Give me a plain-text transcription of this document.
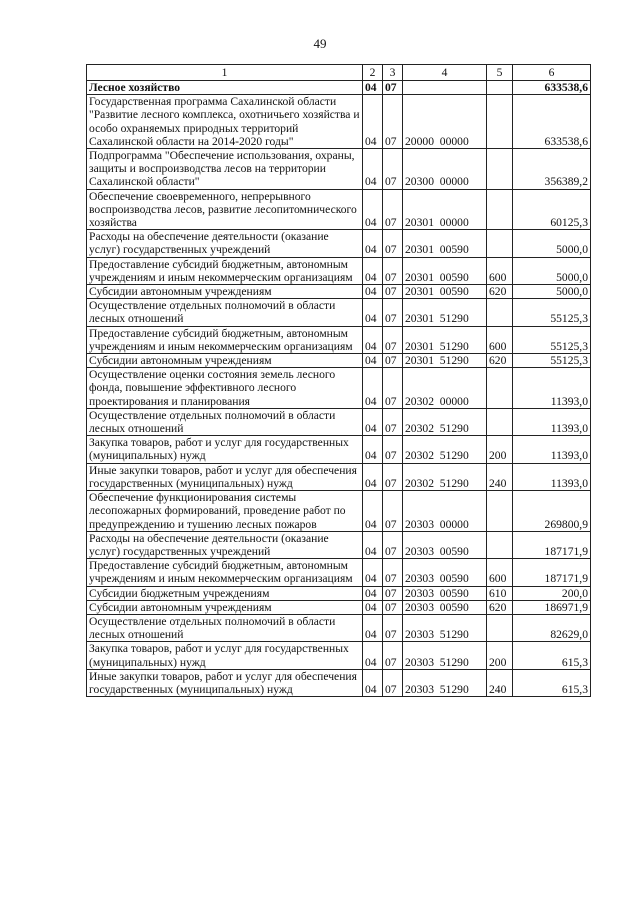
49
1	2	3	4	5	6
Лесное хозяйство	04	07			633538,6
Государственная программа Сахалинской области "Развитие лесного комплекса, охотничьего хозяйства и особо охраняемых природных территорий Сахалинской области на 2014-2020 годы"	04	07	20000  00000		633538,6
Подпрограмма "Обеспечение использования, охраны, защиты и воспроизводства лесов на территории Сахалинской области"	04	07	20300  00000		356389,2
Обеспечение своевременного, непрерывного воспроизводства лесов, развитие лесопитомнического хозяйства	04	07	20301  00000		60125,3
Расходы на обеспечение деятельности (оказание услуг) государственных учреждений	04	07	20301  00590		5000,0
Предоставление субсидий бюджетным, автономным учреждениям и иным некоммерческим организациям	04	07	20301  00590	600	5000,0
Субсидии автономным учреждениям	04	07	20301  00590	620	5000,0
Осуществление отдельных полномочий в области лесных отношений	04	07	20301  51290		55125,3
Предоставление субсидий бюджетным, автономным учреждениям и иным некоммерческим организациям	04	07	20301  51290	600	55125,3
Субсидии автономным учреждениям	04	07	20301  51290	620	55125,3
Осуществление оценки состояния земель лесного фонда, повышение эффективного лесного проектирования и планирования	04	07	20302  00000		11393,0
Осуществление отдельных полномочий в области лесных отношений	04	07	20302  51290		11393,0
Закупка товаров, работ и услуг для государственных (муниципальных) нужд	04	07	20302  51290	200	11393,0
Иные закупки товаров, работ и услуг для обеспечения государственных (муниципальных) нужд	04	07	20302  51290	240	11393,0
Обеспечение функционирования системы лесопожарных формирований, проведение работ по предупреждению и тушению лесных пожаров	04	07	20303  00000		269800,9
Расходы на обеспечение деятельности (оказание услуг) государственных учреждений	04	07	20303  00590		187171,9
Предоставление субсидий бюджетным, автономным учреждениям и иным некоммерческим организациям	04	07	20303  00590	600	187171,9
Субсидии бюджетным учреждениям	04	07	20303  00590	610	200,0
Субсидии автономным учреждениям	04	07	20303  00590	620	186971,9
Осуществление отдельных полномочий в области лесных отношений	04	07	20303  51290		82629,0
Закупка товаров, работ и услуг для государственных (муниципальных) нужд	04	07	20303  51290	200	615,3
Иные закупки товаров, работ и услуг для обеспечения государственных (муниципальных) нужд	04	07	20303  51290	240	615,3
